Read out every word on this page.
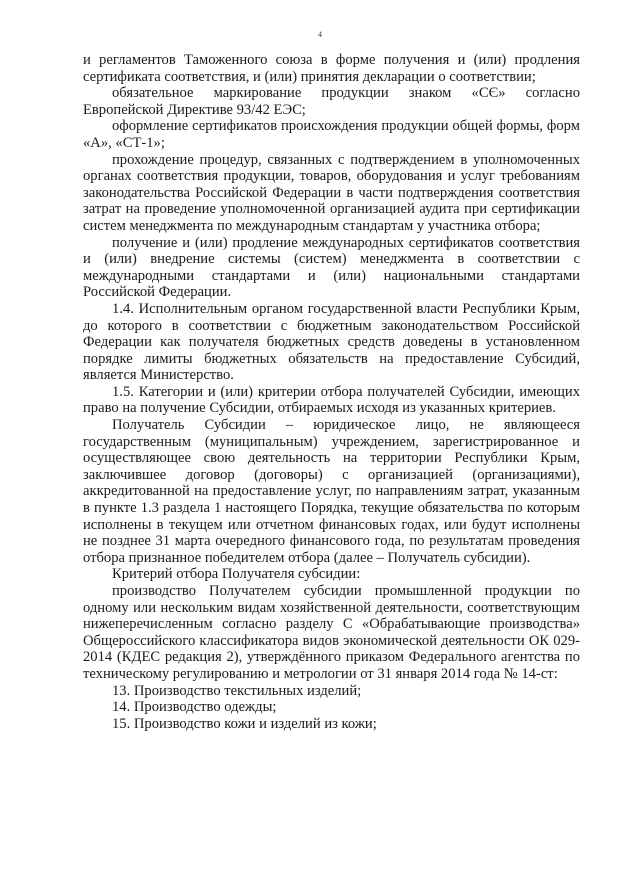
4

и регламентов Таможенного союза в форме получения и (или) продления сертификата соответствия, и (или) принятия декларации о соответствии;

обязательное маркирование продукции знаком «CЄ» согласно Европейской Директиве 93/42 ЕЭС;

оформление сертификатов происхождения продукции общей формы, форм «А», «СТ-1»;

прохождение процедур, связанных с подтверждением в уполномоченных органах соответствия продукции, товаров, оборудования и услуг требованиям законодательства Российской Федерации в части подтверждения соответствия затрат на проведение уполномоченной организацией аудита при сертификации систем менеджмента по международным стандартам у участника отбора;

получение и (или) продление международных сертификатов соответствия и (или) внедрение системы (систем) менеджмента в соответствии с международными стандартами и (или) национальными стандартами Российской Федерации.

1.4. Исполнительным органом государственной власти Республики Крым, до которого в соответствии с бюджетным законодательством Российской Федерации как получателя бюджетных средств доведены в установленном порядке лимиты бюджетных обязательств на предоставление Субсидий, является Министерство.

1.5. Категории и (или) критерии отбора получателей Субсидии, имеющих право на получение Субсидии, отбираемых исходя из указанных критериев.

Получатель Субсидии – юридическое лицо, не являющееся государственным (муниципальным) учреждением, зарегистрированное и осуществляющее свою деятельность на территории Республики Крым, заключившее договор (договоры) с организацией (организациями), аккредитованной на предоставление услуг, по направлениям затрат, указанным в пункте 1.3 раздела 1 настоящего Порядка, текущие обязательства по которым исполнены в текущем или отчетном финансовых годах, или будут исполнены не позднее 31 марта очередного финансового года, по результатам проведения отбора признанное победителем отбора (далее – Получатель субсидии).

Критерий отбора Получателя субсидии:

производство Получателем субсидии промышленной продукции по одному или нескольким видам хозяйственной деятельности, соответствующим нижеперечисленным согласно разделу С «Обрабатывающие производства» Общероссийского классификатора видов экономической деятельности ОК 029-2014 (КДЕС редакция 2), утверждённого приказом Федерального агентства по техническому регулированию и метрологии от 31 января 2014 года № 14-ст:

13. Производство текстильных изделий;

14. Производство одежды;

15. Производство кожи и изделий из кожи;
